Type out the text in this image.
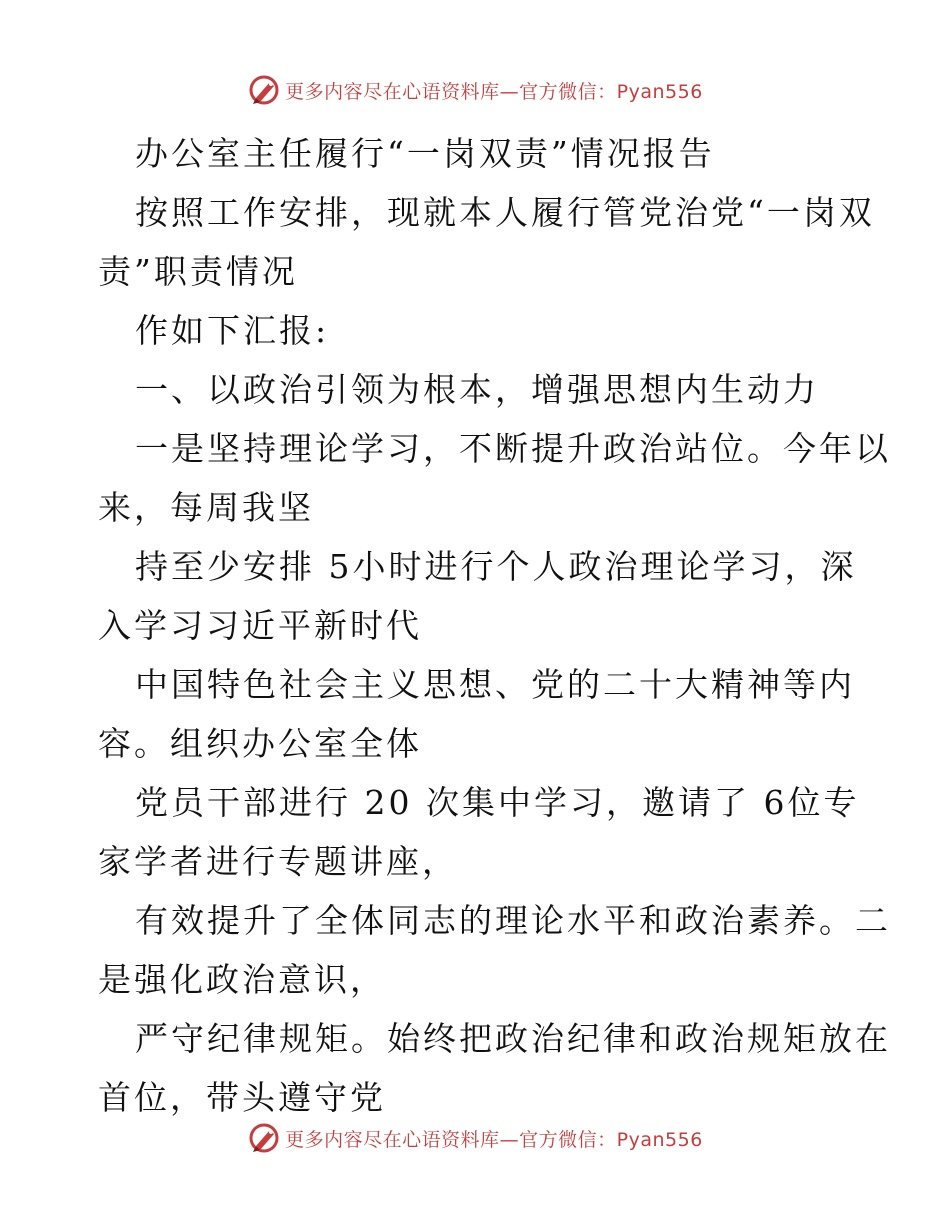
更多内容尽在心语资料库—官方微信：Pyan556

办公室主任履行“一岗双责”情况报告

按照工作安排，现就本人履行管党治党“一岗双
责”职责情况

作如下汇报:

一、以政治引领为根本，增强思想内生动力

一是坚持理论学习，不断提升政治站位。今年以
来，每周我坚

持至少安排 5小时进行个人政治理论学习，深
入学习习近平新时代

中国特色社会主义思想、党的二十大精神等内
容。组织办公室全体

党员干部进行 20 次集中学习，邀请了 6位专
家学者进行专题讲座，

有效提升了全体同志的理论水平和政治素养。二
是强化政治意识，

严守纪律规矩。始终把政治纪律和政治规矩放在
首位，带头遵守党

更多内容尽在心语资料库—官方微信：Pyan556
